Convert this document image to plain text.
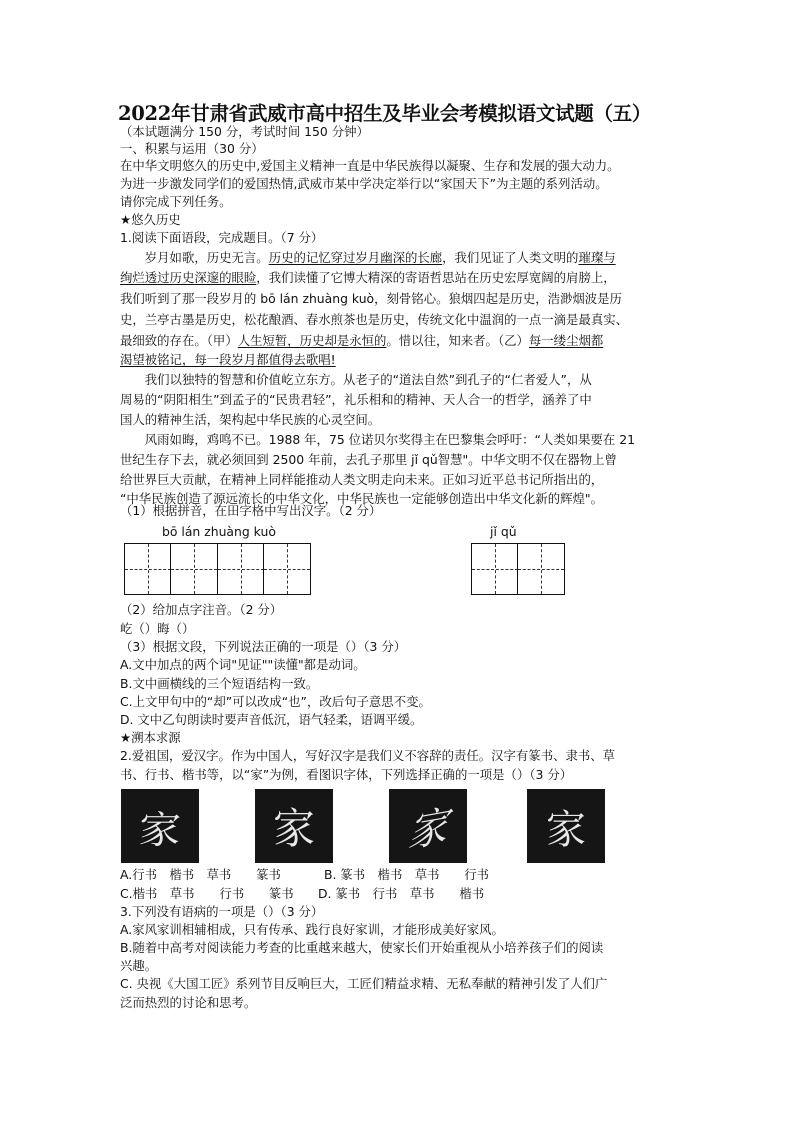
2022年甘肃省武威市高中招生及毕业会考模拟语文试题（五）
（本试题满分 150 分，考试时间 150 分钟）
一、积累与运用（30 分）
在中华文明悠久的历史中,爱国主义精神一直是中华民族得以凝聚、生存和发展的强大动力。
为进一步激发同学们的爱国热情,武威市某中学决定举行以“家国天下”为主题的系列活动。
请你完成下列任务。
★悠久历史
1.阅读下面语段，完成题目。（7 分）
　　岁月如歌，历史无言。历史的记忆穿过岁月幽深的长廊，我们见证了人类文明的璀璨与
绚烂透过历史深邃的眼睑，我们读懂了它博大精深的寄语哲思站在历史宏厚宽阔的肩膀上，
我们听到了那一段岁月的 bō lán zhuàng kuò，刻骨铭心。狼烟四起是历史，浩渺烟波是历
史，兰亭古墨是历史，松花酿酒、春水煎茶也是历史，传统文化中温润的一点一滴是最真实、
最细致的存在。（甲）人生短暂，历史却是永恒的。惜以往，知来者。（乙）每一缕尘烟都
渴望被铭记，每一段岁月都值得去歌唱!
　　我们以独特的智慧和价值屹立东方。从老子的“道法自然”到孔子的“仁者爱人”，从
周易的“阴阳相生”到孟子的“民贵君轻”，礼乐相和的精神、天人合一的哲学，涵养了中
国人的精神生活，架构起中华民族的心灵空间。
　　风雨如晦，鸡鸣不已。1988 年，75 位诺贝尔奖得主在巴黎集会呼吁：“人类如果要在 21
世纪生存下去，就必须回到 2500 年前，去孔子那里 jǐ qǔ智慧"。中华文明不仅在器物上曾
给世界巨大贡献，在精神上同样能推动人类文明走向未来。正如习近平总书记所指出的，
“中华民族创造了源远流长的中华文化，中华民族也一定能够创造出中华文化新的辉煌"。
（1）根据拼音，在田字格中写出汉字。（2 分）
bō lán zhuàng kuò	jǐ qǔ
（2）给加点字注音。（2 分）
屹（）晦（）
（3）根据文段，下列说法正确的一项是（）（3 分）
A.文中加点的两个词"见证""读懂"都是动词。
B.文中画横线的三个短语结构一致。
C.上文甲句中的“却”可以改成“也”，改后句子意思不变。
D. 文中乙句朗读时要声音低沉，语气轻柔，语调平缓。
★溯本求源
2.爱祖国，爱汉字。作为中国人，写好汉字是我们义不容辞的责任。汉字有篆书、隶书、草
书、行书、楷书等，以“家”为例，看图识字体，下列选择正确的一项是（）（3 分）
家 家 家 家
A.行书　楷书　草书　　篆书	B. 篆书　楷书　草书　　行书
C.楷书　草书　　行书　　篆书 D. 篆书　行书　草书　　楷书
3.下列没有语病的一项是（）（3 分）
A.家风家训相辅相成，只有传承、践行良好家训，才能形成美好家风。
B.随着中高考对阅读能力考查的比重越来越大，使家长们开始重视从小培养孩子们的阅读
兴趣。
C. 央视《大国工匠》系列节目反响巨大，工匠们精益求精、无私奉献的精神引发了人们广
泛而热烈的讨论和思考。
